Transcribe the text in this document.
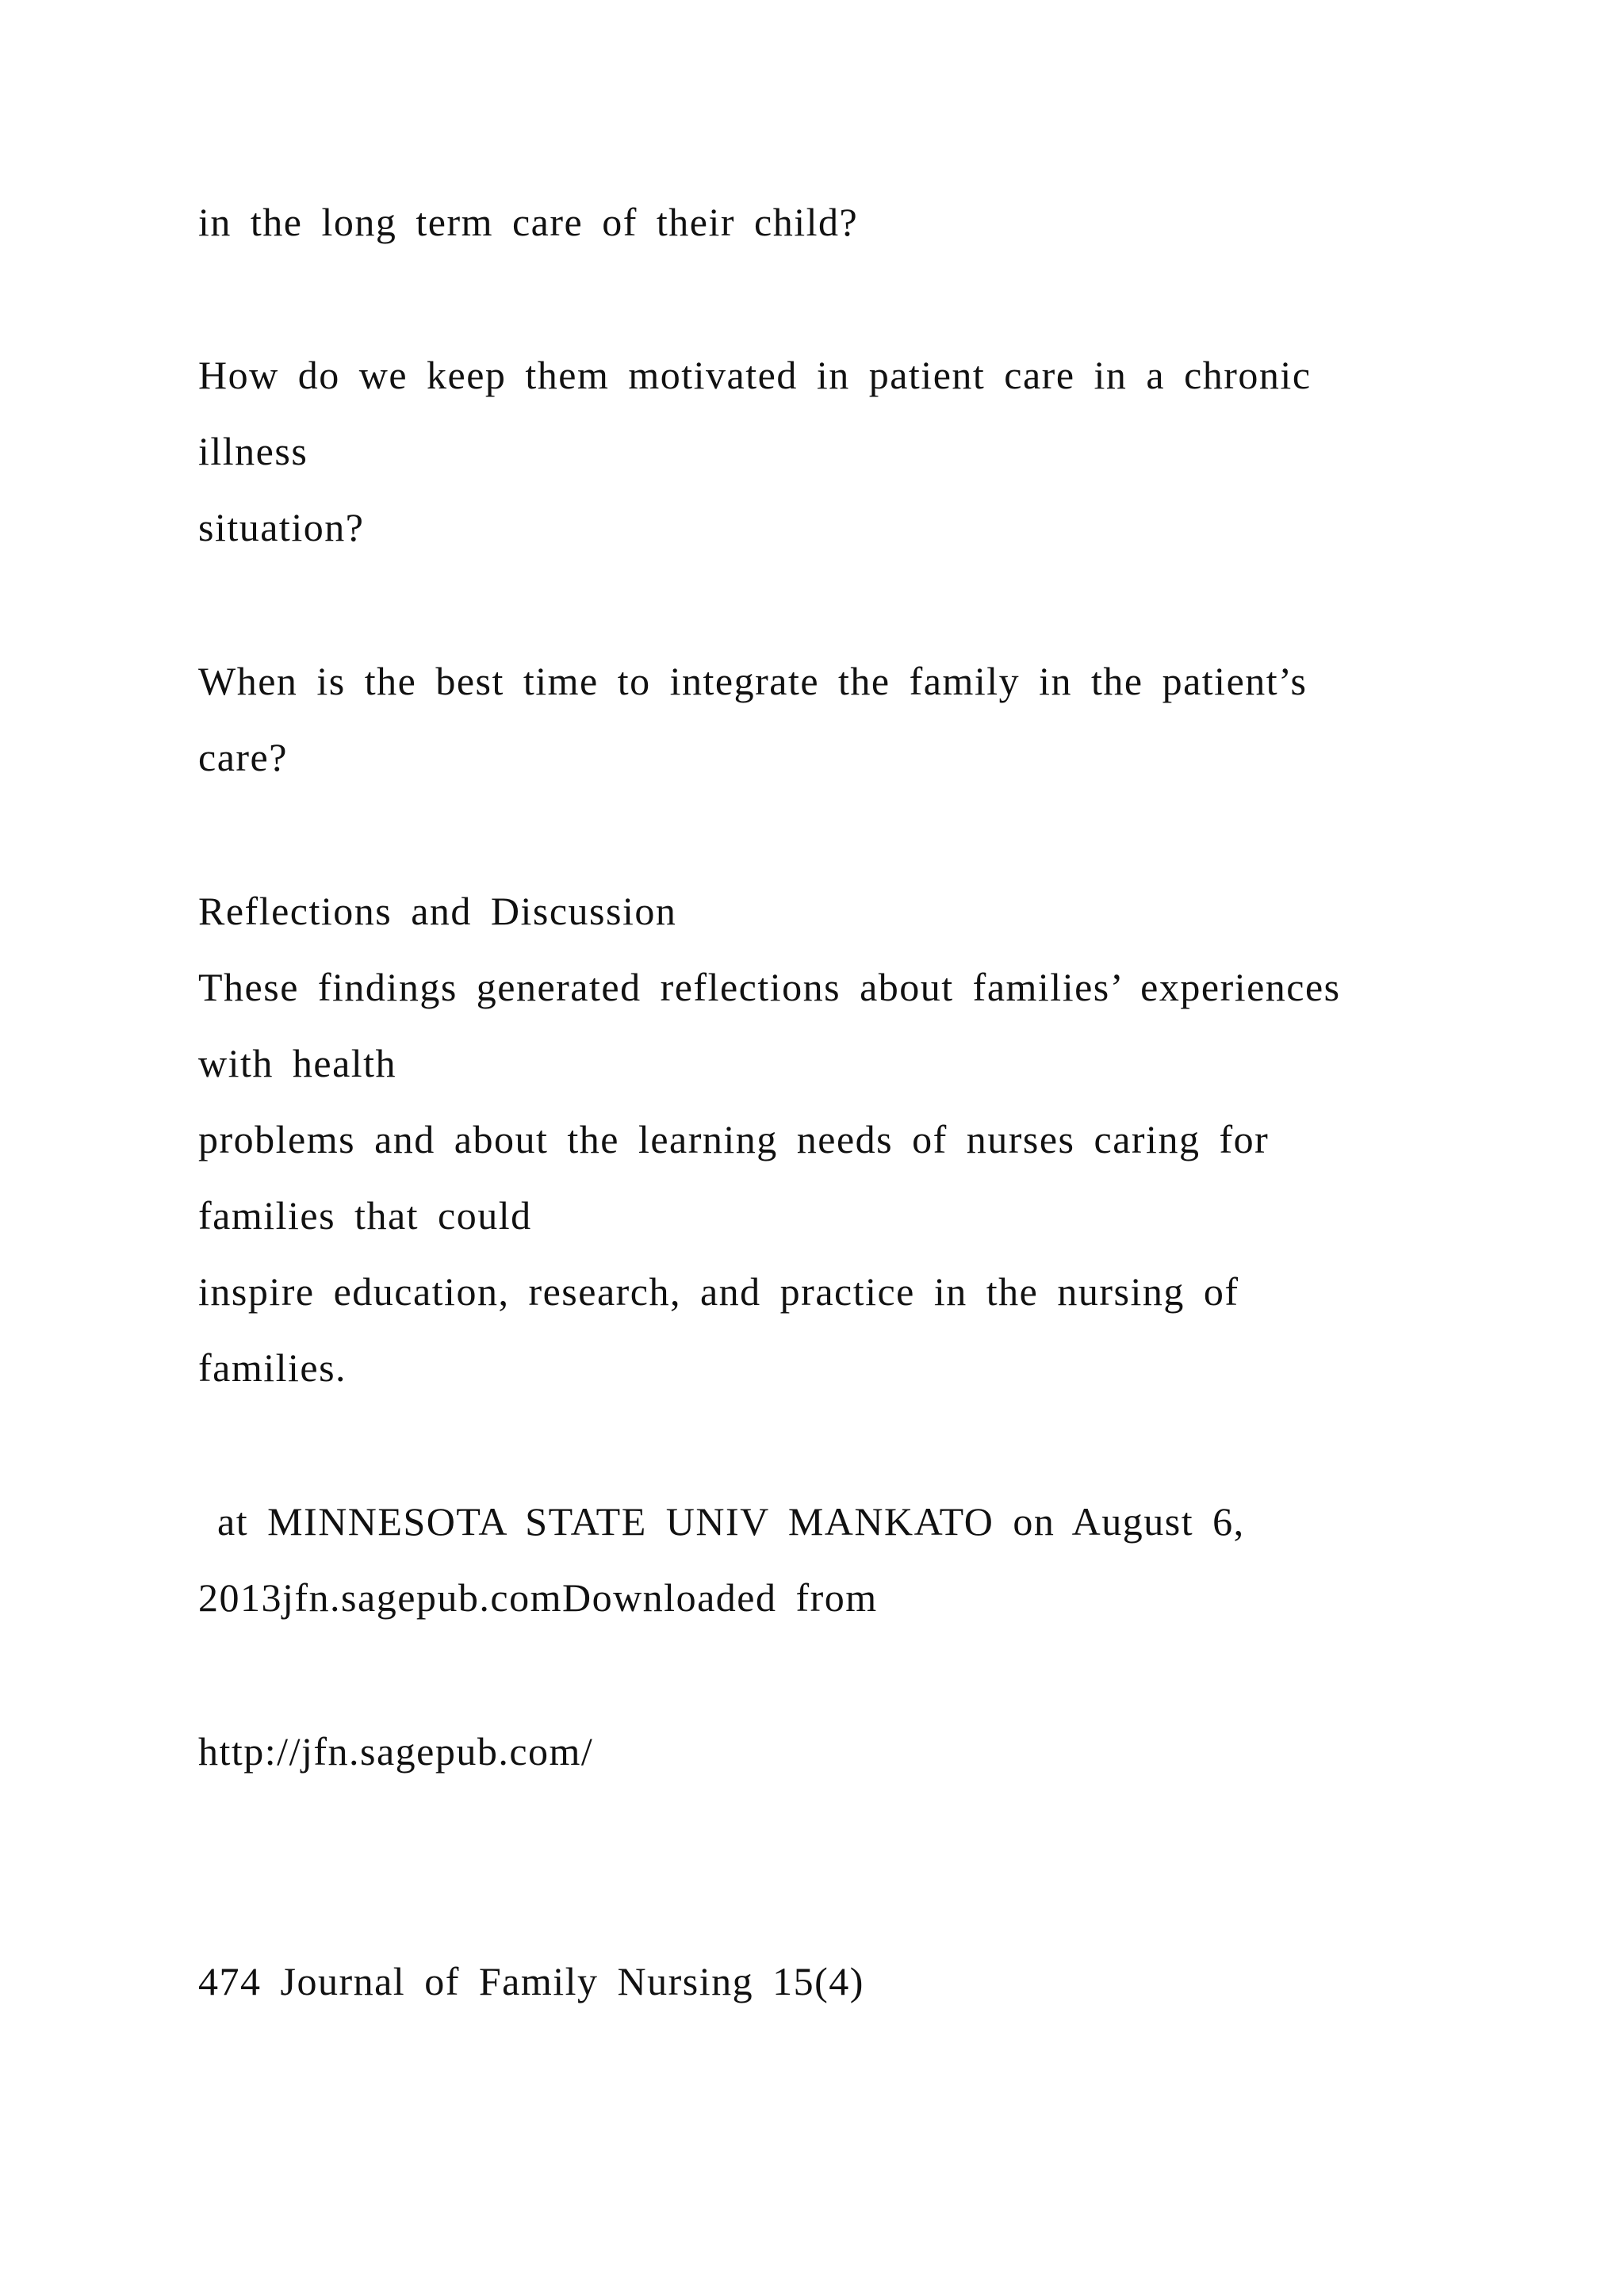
in the long term care of their child?
How do we keep them motivated in patient care in a chronic
illness
situation?
When is the best time to integrate the family in the patient’s
care?
Reflections and Discussion
These findings generated reflections about families’ experiences
with health
problems and about the learning needs of nurses caring for
families that could
inspire education, research, and practice in the nursing of
families.
at MINNESOTA STATE UNIV MANKATO on August 6,
2013jfn.sagepub.comDownloaded from
http://jfn.sagepub.com/
474 Journal of Family Nursing 15(4)
